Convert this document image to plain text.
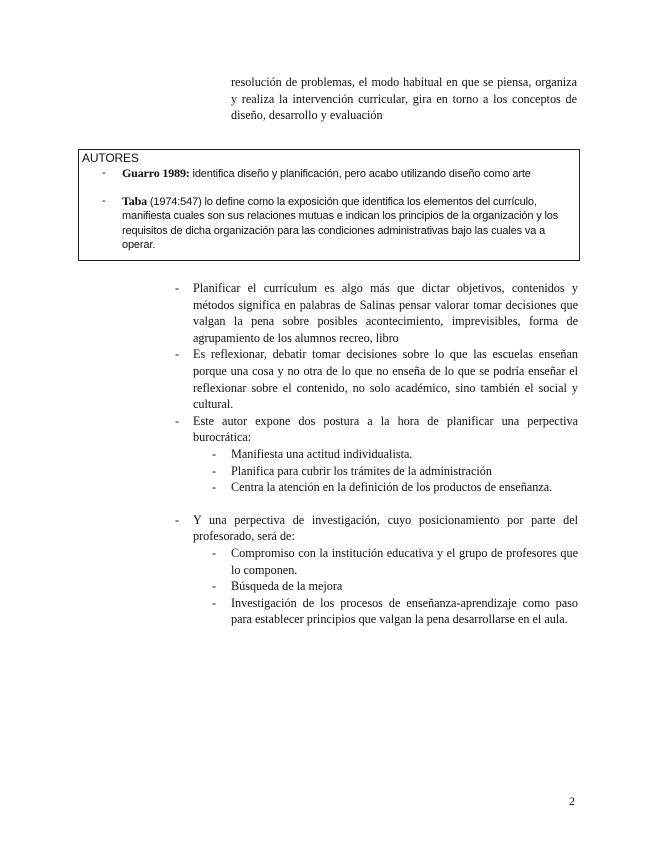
resolución de problemas, el modo habitual en que se piensa, organiza y realiza la intervención curricular, gira en torno a los conceptos de diseño, desarrollo y evaluación
AUTORES
- Guarro 1989: identifica diseño y planificación, pero acabo utilizando diseño como arte
- Taba (1974:547) lo define como la exposición que identifica los elementos del currículo, manifiesta cuales son sus relaciones mutuas e indican los principios de la organización y los requisitos de dicha organización para las condiciones administrativas bajo las cuales va a operar.
- Planificar el currículum es algo más que dictar objetivos, contenidos y métodos significa en palabras de Salinas pensar valorar tomar decisiones que valgan la pena sobre posibles acontecimiento, imprevisibles, forma de agrupamiento de los alumnos recreo, libro
- Es reflexionar, debatir tomar decisiones sobre lo que las escuelas enseñan porque una cosa y no otra de lo que no enseña de lo que se podría enseñar el reflexionar sobre el contenido, no solo académico, sino también el social y cultural.
- Este autor expone dos postura a la hora de planificar una perpectiva burocrática:
- Manifiesta una actitud individualista.
- Planifica para cubrir los trámites de la administración
- Centra la atención en la definición de los productos de enseñanza.
- Y una perpectiva de investigación, cuyo posicionamiento por parte del profesorado, será de:
- Compromiso con la institución educativa y el grupo de profesores que lo componen.
- Búsqueda de la mejora
- Investigación de los procesos de enseñanza-aprendizaje como paso para establecer principios que valgan la pena desarrollarse en el aula.
2
